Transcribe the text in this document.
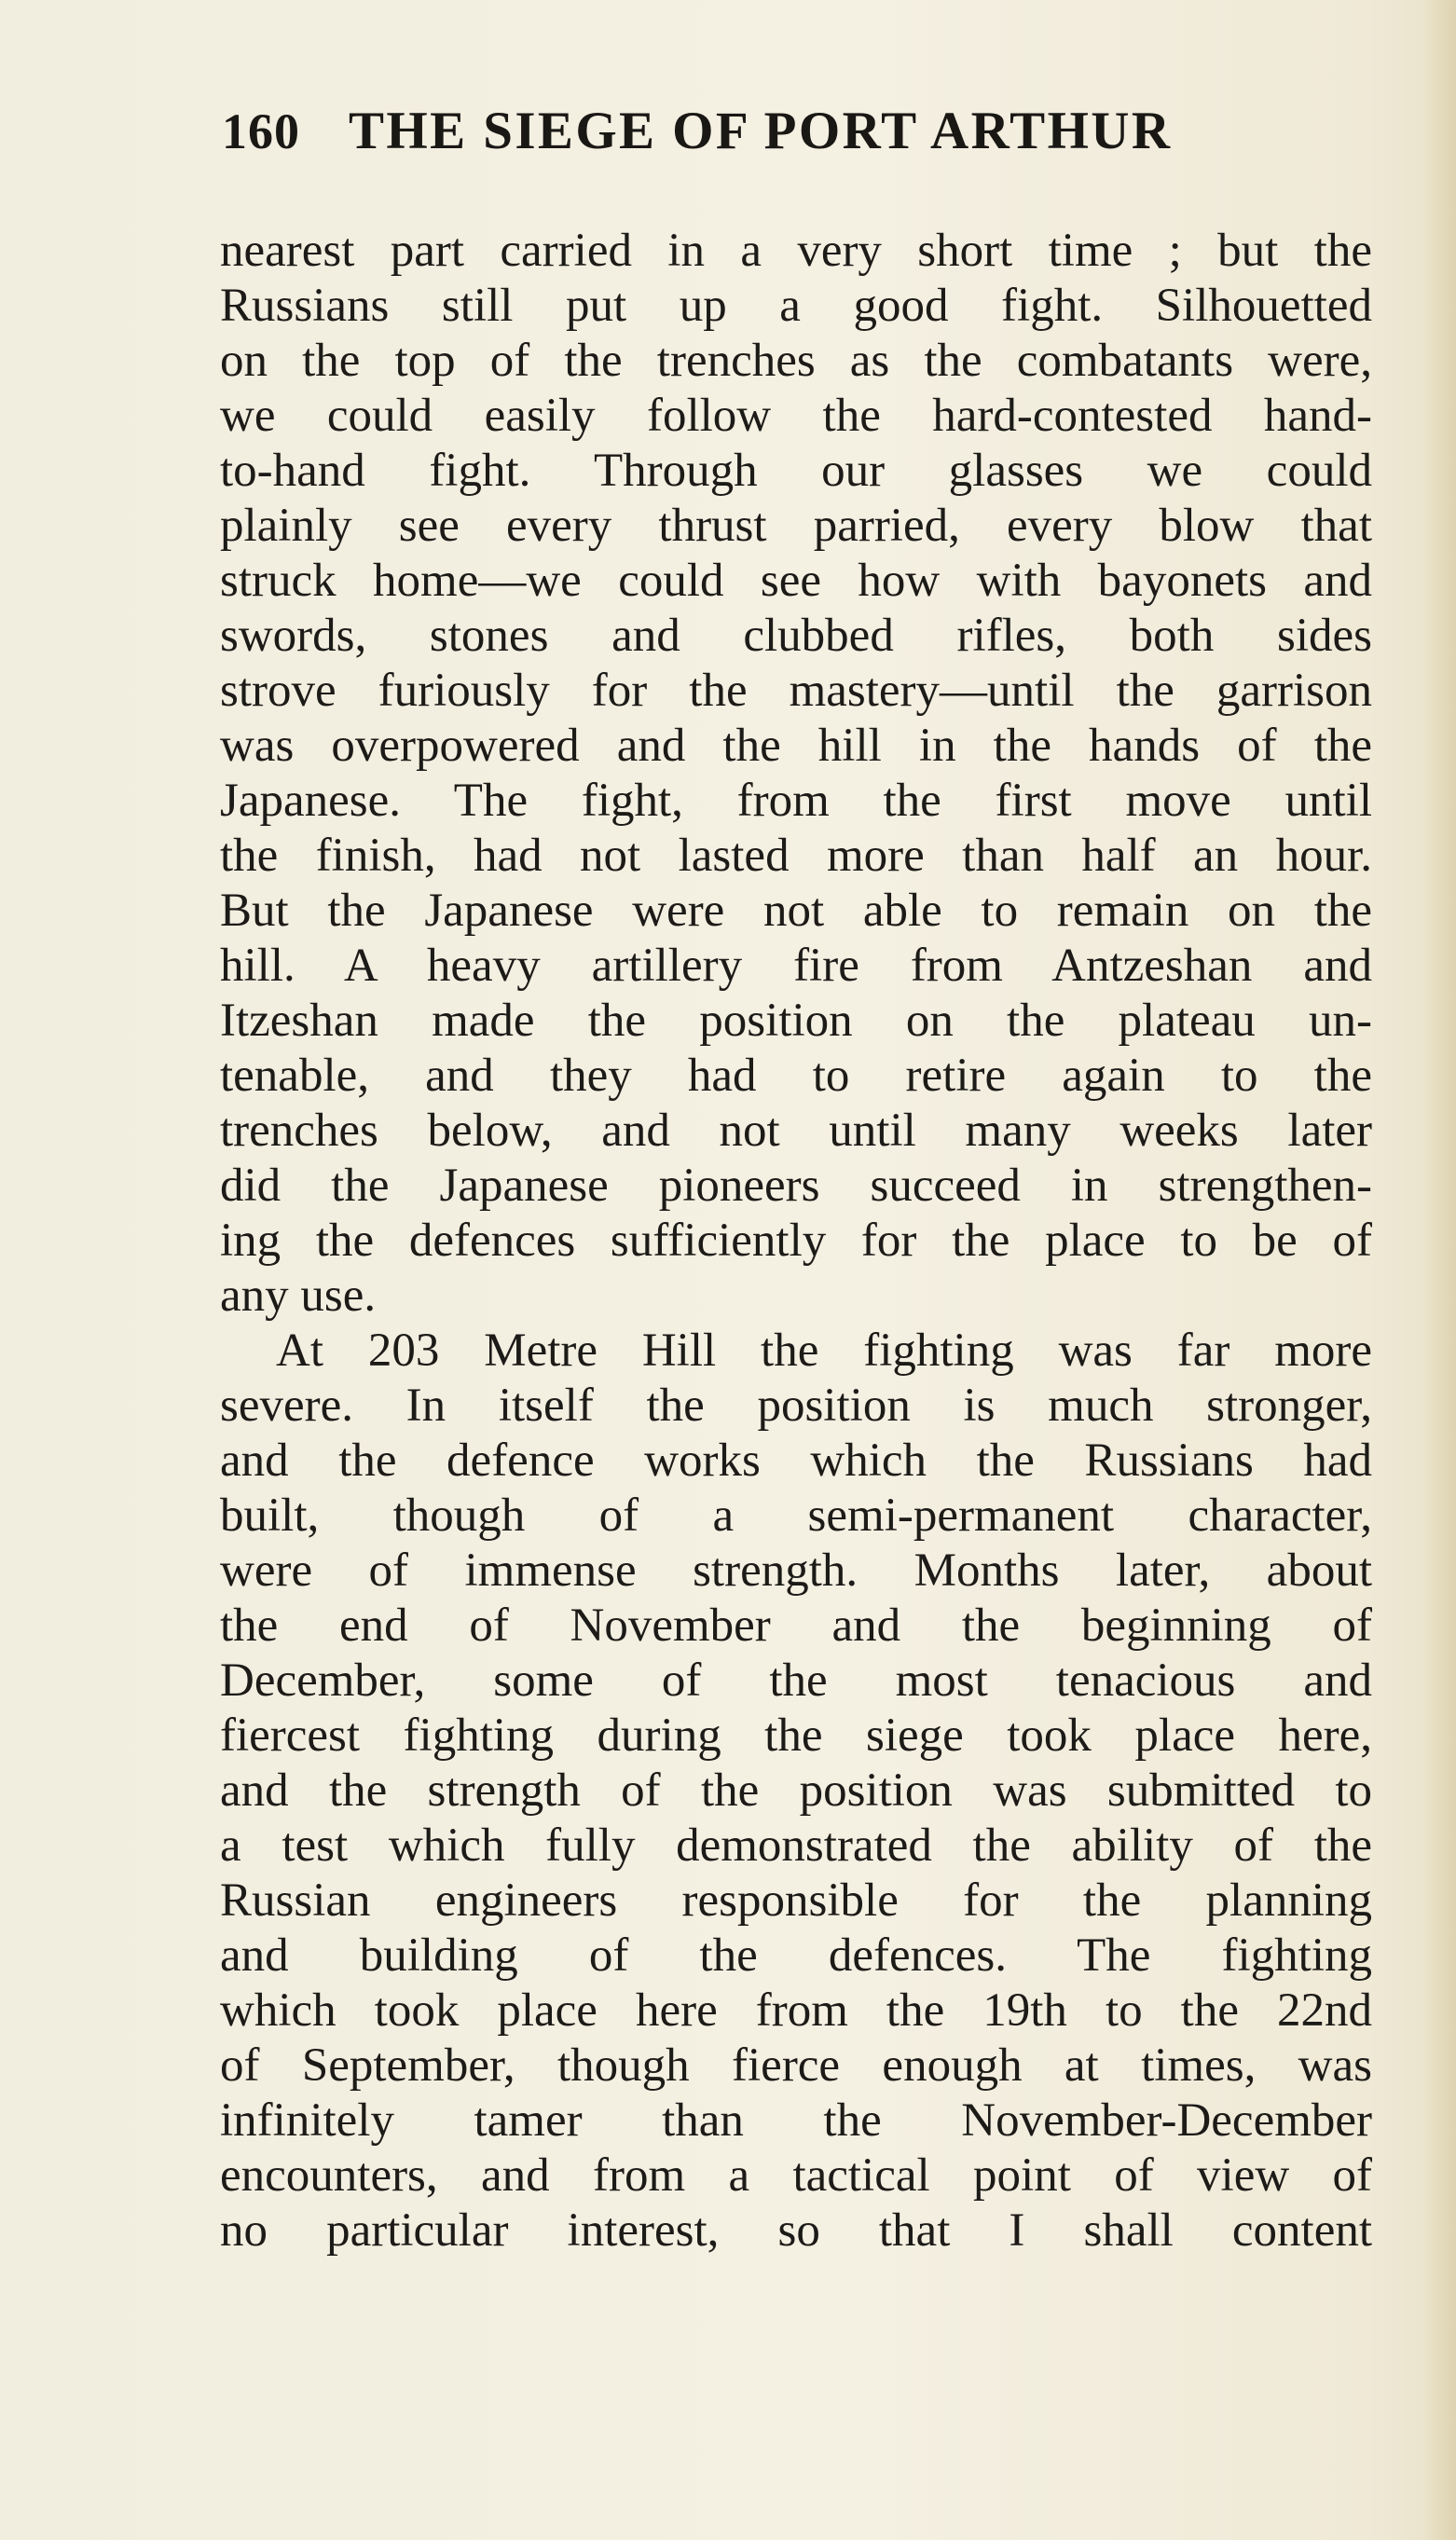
160 THE SIEGE OF PORT ARTHUR
nearest part carried in a very short time ; but the
Russians still put up a good fight. Silhouetted
on the top of the trenches as the combatants were,
we could easily follow the hard-contested hand-
to-hand fight. Through our glasses we could
plainly see every thrust parried, every blow that
struck home—we could see how with bayonets and
swords, stones and clubbed rifles, both sides
strove furiously for the mastery—until the garrison
was overpowered and the hill in the hands of the
Japanese. The fight, from the first move until
the finish, had not lasted more than half an hour.
But the Japanese were not able to remain on the
hill. A heavy artillery fire from Antzeshan and
Itzeshan made the position on the plateau un-
tenable, and they had to retire again to the
trenches below, and not until many weeks later
did the Japanese pioneers succeed in strengthen-
ing the defences sufficiently for the place to be of
any use.
At 203 Metre Hill the fighting was far more
severe. In itself the position is much stronger,
and the defence works which the Russians had
built, though of a semi-permanent character,
were of immense strength. Months later, about
the end of November and the beginning of
December, some of the most tenacious and
fiercest fighting during the siege took place here,
and the strength of the position was submitted to
a test which fully demonstrated the ability of the
Russian engineers responsible for the planning
and building of the defences. The fighting
which took place here from the 19th to the 22nd
of September, though fierce enough at times, was
infinitely tamer than the November-December
encounters, and from a tactical point of view of
no particular interest, so that I shall content
